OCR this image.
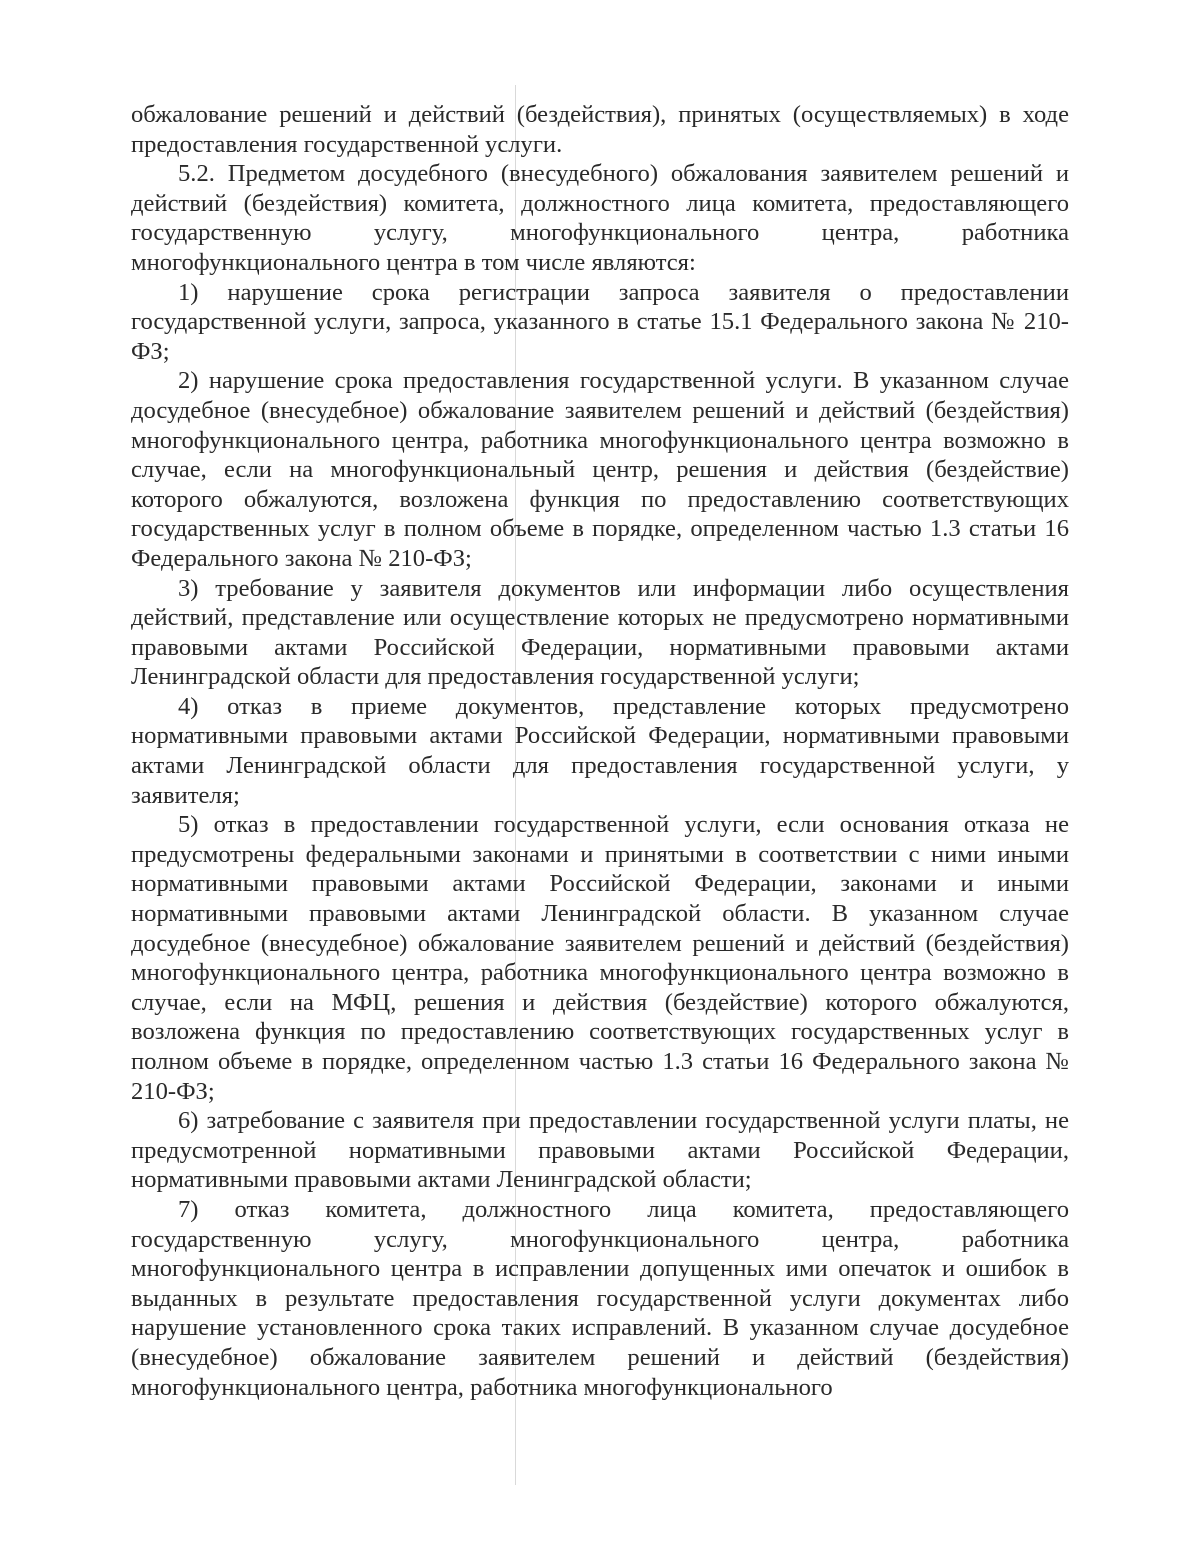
обжалование решений и действий (бездействия), принятых (осуществляемых) в ходе предоставления государственной услуги.

5.2. Предметом досудебного (внесудебного) обжалования заявителем решений и действий (бездействия) комитета, должностного лица комитета, предоставляющего государственную услугу, многофункционального центра, работника многофункционального центра в том числе являются:

1) нарушение срока регистрации запроса заявителя о предоставлении государственной услуги, запроса, указанного в статье 15.1 Федерального закона № 210-ФЗ;

2) нарушение срока предоставления государственной услуги. В указанном случае досудебное (внесудебное) обжалование заявителем решений и действий (бездействия) многофункционального центра, работника многофункционального центра возможно в случае, если на многофункциональный центр, решения и действия (бездействие) которого обжалуются, возложена функция по предоставлению соответствующих государственных услуг в полном объеме в порядке, определенном частью 1.3 статьи 16 Федерального закона № 210-ФЗ;

3) требование у заявителя документов или информации либо осуществления действий, представление или осуществление которых не предусмотрено нормативными правовыми актами Российской Федерации, нормативными правовыми актами Ленинградской области для предоставления государственной услуги;

4) отказ в приеме документов, представление которых предусмотрено нормативными правовыми актами Российской Федерации, нормативными правовыми актами Ленинградской области для предоставления государственной услуги, у заявителя;

5) отказ в предоставлении государственной услуги, если основания отказа не предусмотрены федеральными законами и принятыми в соответствии с ними иными нормативными правовыми актами Российской Федерации, законами и иными нормативными правовыми актами Ленинградской области. В указанном случае досудебное (внесудебное) обжалование заявителем решений и действий (бездействия) многофункционального центра, работника многофункционального центра возможно в случае, если на МФЦ, решения и действия (бездействие) которого обжалуются, возложена функция по предоставлению соответствующих государственных услуг в полном объеме в порядке, определенном частью 1.3 статьи 16 Федерального закона № 210-ФЗ;

6) затребование с заявителя при предоставлении государственной услуги платы, не предусмотренной нормативными правовыми актами Российской Федерации, нормативными правовыми актами Ленинградской области;

7) отказ комитета, должностного лица комитета, предоставляющего государственную услугу, многофункционального центра, работника многофункционального центра в исправлении допущенных ими опечаток и ошибок в выданных в результате предоставления государственной услуги документах либо нарушение установленного срока таких исправлений. В указанном случае досудебное (внесудебное) обжалование заявителем решений и действий (бездействия) многофункционального центра, работника многофункционального
